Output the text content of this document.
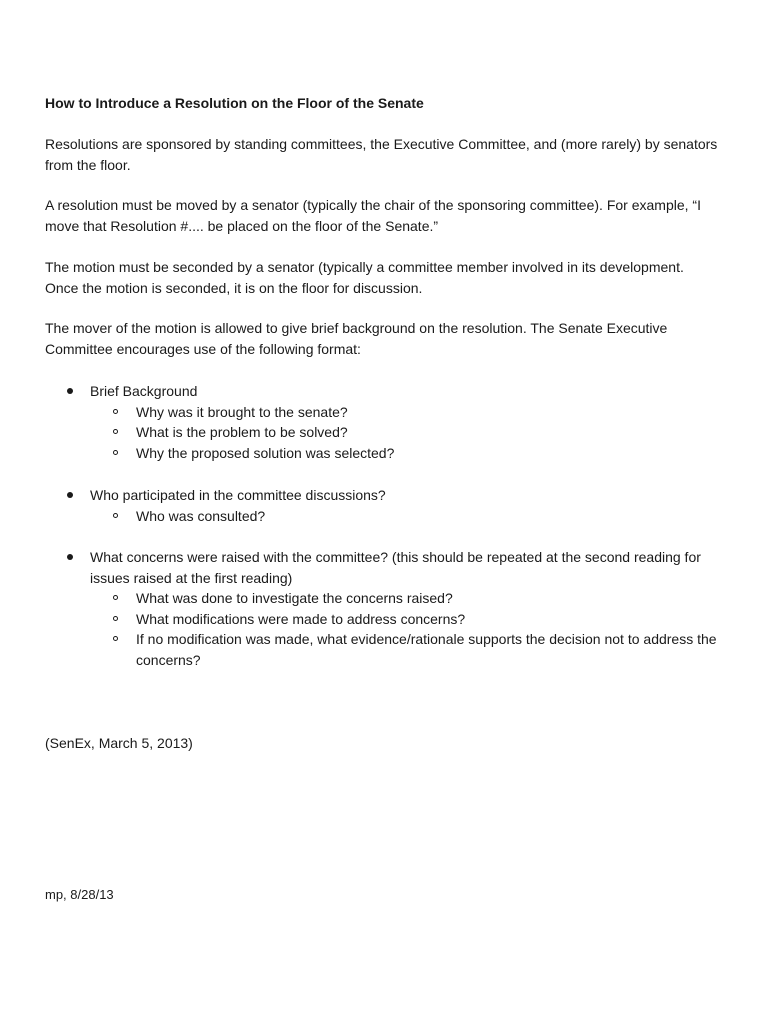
How to Introduce a Resolution on the Floor of the Senate

Resolutions are sponsored by standing committees, the Executive Committee, and (more rarely) by senators from the floor.

A resolution must be moved by a senator (typically the chair of the sponsoring committee). For example, “I move that Resolution #.... be placed on the floor of the Senate.”

The motion must be seconded by a senator (typically a committee member involved in its development. Once the motion is seconded, it is on the floor for discussion.

The mover of the motion is allowed to give brief background on the resolution. The Senate Executive Committee encourages use of the following format:

Brief Background
Why was it brought to the senate?
What is the problem to be solved?
Why the proposed solution was selected?
Who participated in the committee discussions?
Who was consulted?
What concerns were raised with the committee? (this should be repeated at the second reading for issues raised at the first reading)
What was done to investigate the concerns raised?
What modifications were made to address concerns?
If no modification was made, what evidence/rationale supports the decision not to address the concerns?

(SenEx, March 5, 2013)

mp, 8/28/13
